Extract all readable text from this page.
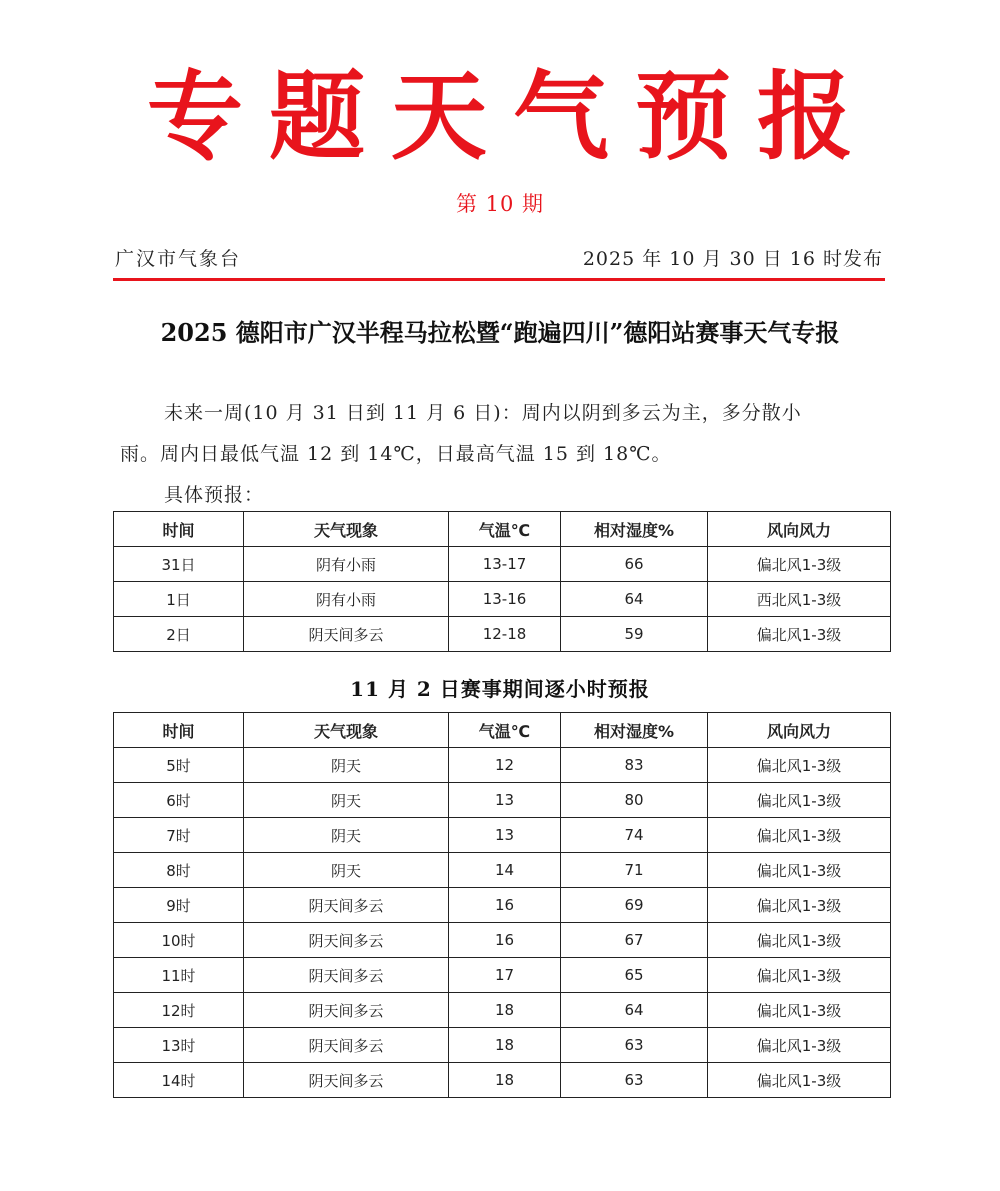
专 题 天 气 预 报
第 10 期
广汉市气象台	2025 年 10 月 30 日 16 时发布
2025 德阳市广汉半程马拉松暨“跑遍四川”德阳站赛事天气专报
未来一周(10 月 31 日到 11 月 6 日)：周内以阴到多云为主，多分散小
雨。周内日最低气温 12 到 14℃，日最高气温 15 到 18℃。
具体预报：
时间	天气现象	气温℃	相对湿度%	风向风力
31日	阴有小雨	13-17	66	偏北风1-3级
1日	阴有小雨	13-16	64	西北风1-3级
2日	阴天间多云	12-18	59	偏北风1-3级
11 月 2 日赛事期间逐小时预报
时间	天气现象	气温℃	相对湿度%	风向风力
5时	阴天	12	83	偏北风1-3级
6时	阴天	13	80	偏北风1-3级
7时	阴天	13	74	偏北风1-3级
8时	阴天	14	71	偏北风1-3级
9时	阴天间多云	16	69	偏北风1-3级
10时	阴天间多云	16	67	偏北风1-3级
11时	阴天间多云	17	65	偏北风1-3级
12时	阴天间多云	18	64	偏北风1-3级
13时	阴天间多云	18	63	偏北风1-3级
14时	阴天间多云	18	63	偏北风1-3级
